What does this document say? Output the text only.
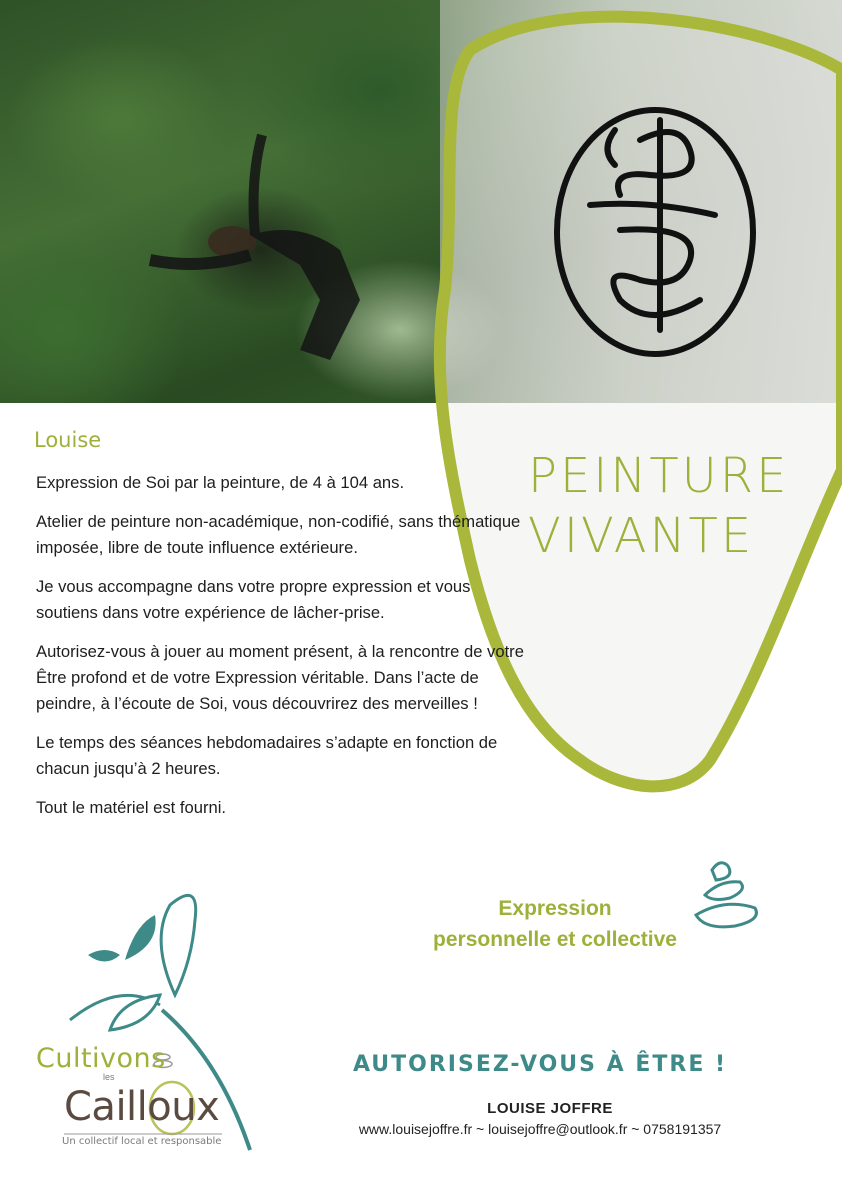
Louise

Expression de Soi par la peinture, de 4 à 104 ans.

Atelier de peinture non-académique, non-codifié, sans thématique imposée, libre de toute influence extérieure.

Je vous accompagne dans votre propre expression et vous soutiens dans votre expérience de lâcher-prise.

Autorisez-vous à jouer au moment présent, à la rencontre de votre Être profond et de votre Expression véritable. Dans l’acte de peindre, à l’écoute de Soi, vous découvrirez des merveilles !

Le temps des séances hebdomadaires s’adapte en fonction de chacun jusqu’à 2 heures.

Tout le matériel est fourni.

PEINTURE
VIVANTE
Expression
personnelle et collective
Cultivons
les
Cailloux
Un collectif local et responsable
AUTORISEZ-VOUS À ÊTRE !
LOUISE JOFFRE
www.louisejoffre.fr ~ louisejoffre@outlook.fr ~ 0758191357
